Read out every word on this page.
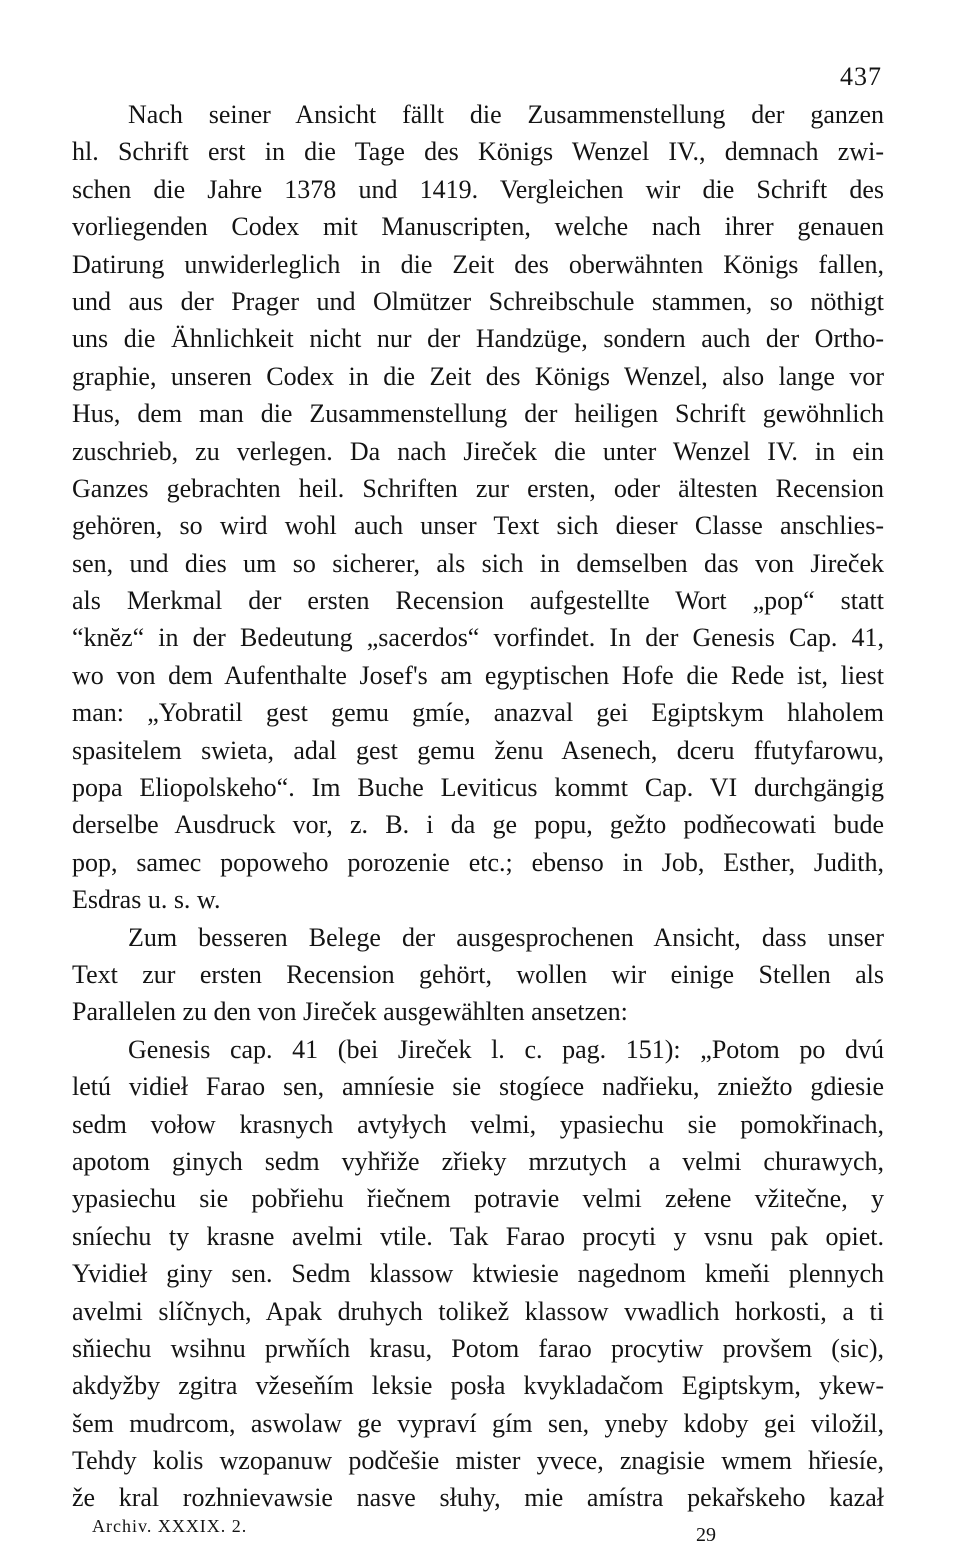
437
Nach seiner Ansicht fällt die Zusammenstellung der ganzen
hl. Schrift erst in die Tage des Königs Wenzel IV., demnach zwi-
schen die Jahre 1378 und 1419. Vergleichen wir die Schrift des
vorliegenden Codex mit Manuscripten, welche nach ihrer genauen
Datirung unwiderleglich in die Zeit des oberwähnten Königs fallen,
und aus der Prager und Olmützer Schreibschule stammen, so nöthigt
uns die Ähnlichkeit nicht nur der Handzüge, sondern auch der Ortho-
graphie, unseren Codex in die Zeit des Königs Wenzel, also lange vor
Hus, dem man die Zusammenstellung der heiligen Schrift gewöhnlich
zuschrieb, zu verlegen. Da nach Jireček die unter Wenzel IV. in ein
Ganzes gebrachten heil. Schriften zur ersten, oder ältesten Recension
gehören, so wird wohl auch unser Text sich dieser Classe anschlies-
sen, und dies um so sicherer, als sich in demselben das von Jireček
als Merkmal der ersten Recension aufgestellte Wort „pop“ statt
“knĕz“ in der Bedeutung „sacerdos“ vorfindet. In der Genesis Cap. 41,
wo von dem Aufenthalte Josef's am egyptischen Hofe die Rede ist, liest
man: „Yobratil gest gemu gmíe, anazval gei Egiptskym hlaholem
spasitelem swieta, adal gest gemu ženu Asenech, dceru ffutyfarowu,
popa Eliopolskeho“. Im Buche Leviticus kommt Cap. VI durchgängig
derselbe Ausdruck vor, z. B. i da ge popu, gežto podňecowati bude
pop, samec popoweho porozenie etc.; ebenso in Job, Esther, Judith,
Esdras u. s. w.
Zum besseren Belege der ausgesprochenen Ansicht, dass unser
Text zur ersten Recension gehört, wollen wir einige Stellen als
Parallelen zu den von Jireček ausgewählten ansetzen:
Genesis cap. 41 (bei Jireček l. c. pag. 151): „Potom po dvú
letú vidieł Farao sen, amníesie sie stogíece nadřieku, zniežto gdiesie
sedm vołow krasnych avtyłych velmi, ypasiechu sie pomokřinach,
apotom ginych sedm vyhřiže zřieky mrzutych a velmi churawych,
ypasiechu sie pobřiehu řiečnem potravie velmi zełene vžitečne, y
sníechu ty krasne avelmi vtile. Tak Farao procyti y vsnu pak opiet.
Yvidieł giny sen. Sedm klassow ktwiesie nagednom kmeňi plennych
avelmi slíčnych, Apak druhych tolikež klassow vwadlich horkosti, a ti
sňiechu wsihnu prwňích krasu, Potom farao procytiw provšem (sic),
akdyžby zgitra vžeseňím leksie posła kvykladačom Egiptskym, ykew-
šem mudrcom, aswolaw ge vypraví gím sen, yneby kdoby gei viložil,
Tehdy kolis wzopanuw podčešie mister yvece, znagisie wmem hřiesíe,
že kral rozhnievawsie nasve słuhy, mie amístra pekařskeho kazał
Archiv. XXXIX. 2.	29
